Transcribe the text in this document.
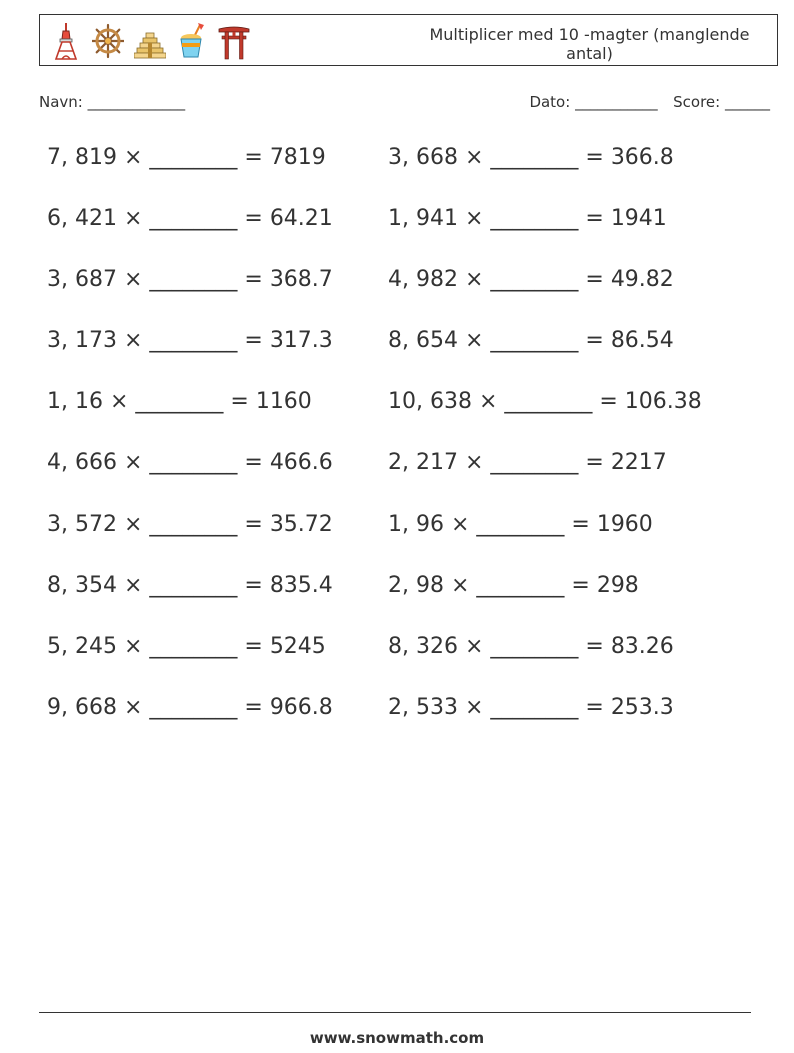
Multiplicer med 10 -magter (manglende antal)
Navn: _____________	Dato: ___________ Score: ______
7, 819 × ________ = 7819	3, 668 × ________ = 366.8
6, 421 × ________ = 64.21	1, 941 × ________ = 1941
3, 687 × ________ = 368.7	4, 982 × ________ = 49.82
3, 173 × ________ = 317.3	8, 654 × ________ = 86.54
1, 16 × ________ = 1160	10, 638 × ________ = 106.38
4, 666 × ________ = 466.6	2, 217 × ________ = 2217
3, 572 × ________ = 35.72	1, 96 × ________ = 1960
8, 354 × ________ = 835.4	2, 98 × ________ = 298
5, 245 × ________ = 5245	8, 326 × ________ = 83.26
9, 668 × ________ = 966.8	2, 533 × ________ = 253.3
www.snowmath.com
